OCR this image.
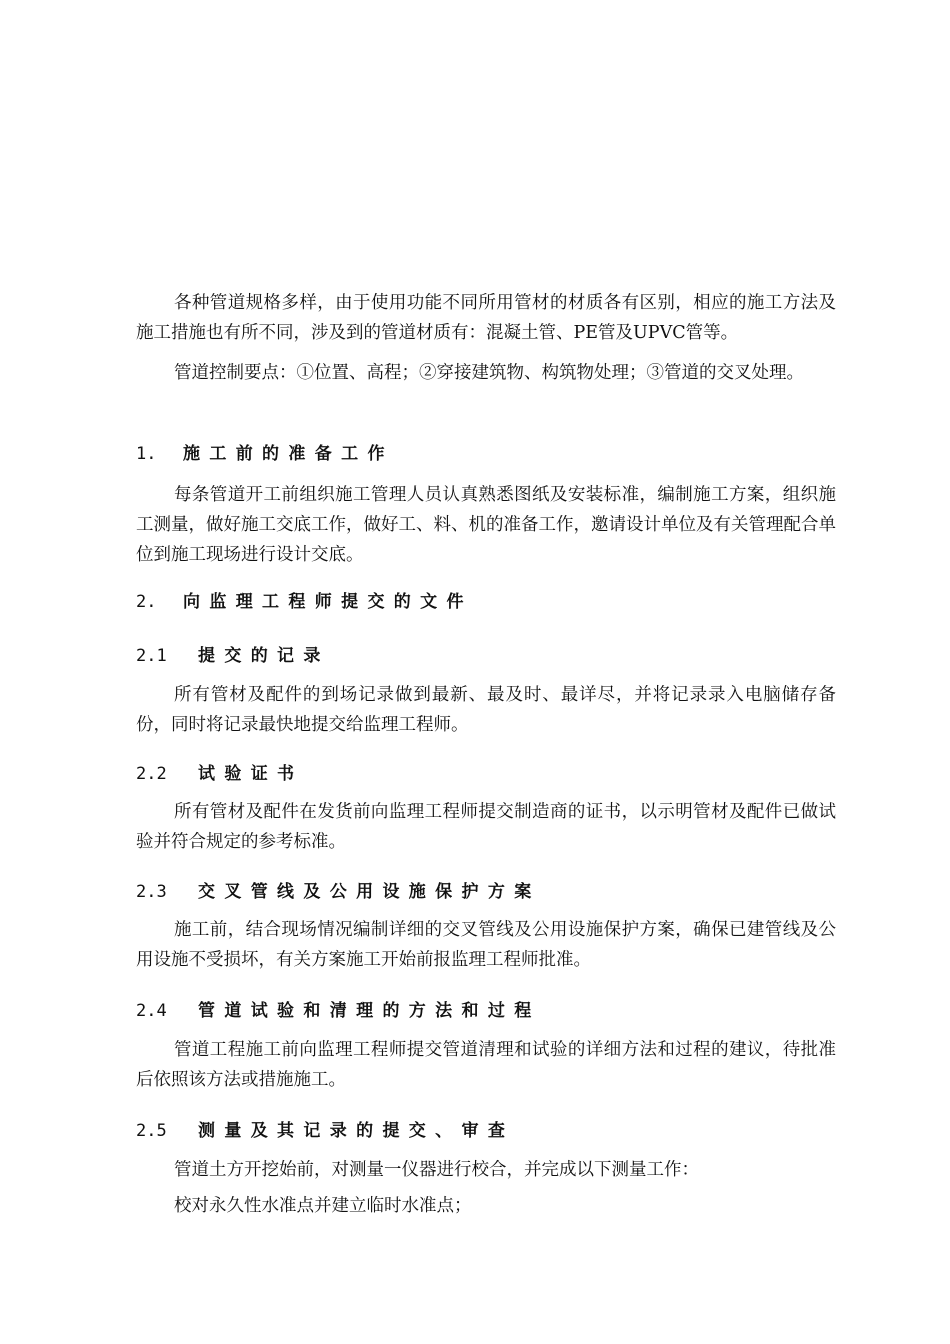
各种管道规格多样，由于使用功能不同所用管材的材质各有区别，相应的施工方法及施工措施也有所不同，涉及到的管道材质有：混凝土管、PE管及UPVC管等。

管道控制要点：①位置、高程；②穿接建筑物、构筑物处理；③管道的交叉处理。

1. 施工前的准备工作

每条管道开工前组织施工管理人员认真熟悉图纸及安装标准，编制施工方案，组织施工测量，做好施工交底工作，做好工、料、机的准备工作，邀请设计单位及有关管理配合单位到施工现场进行设计交底。

2. 向监理工程师提交的文件
2.1 提交的记录

所有管材及配件的到场记录做到最新、最及时、最详尽，并将记录录入电脑储存备份，同时将记录最快地提交给监理工程师。

2.2 试验证书

所有管材及配件在发货前向监理工程师提交制造商的证书，以示明管材及配件已做试验并符合规定的参考标准。

2.3 交叉管线及公用设施保护方案

施工前，结合现场情况编制详细的交叉管线及公用设施保护方案，确保已建管线及公用设施不受损坏，有关方案施工开始前报监理工程师批准。

2.4 管道试验和清理的方法和过程

管道工程施工前向监理工程师提交管道清理和试验的详细方法和过程的建议，待批准后依照该方法或措施施工。

2.5 测量及其记录的提交、审查

管道土方开挖始前，对测量一仪器进行校合，并完成以下测量工作：

校对永久性水准点并建立临时水准点；
